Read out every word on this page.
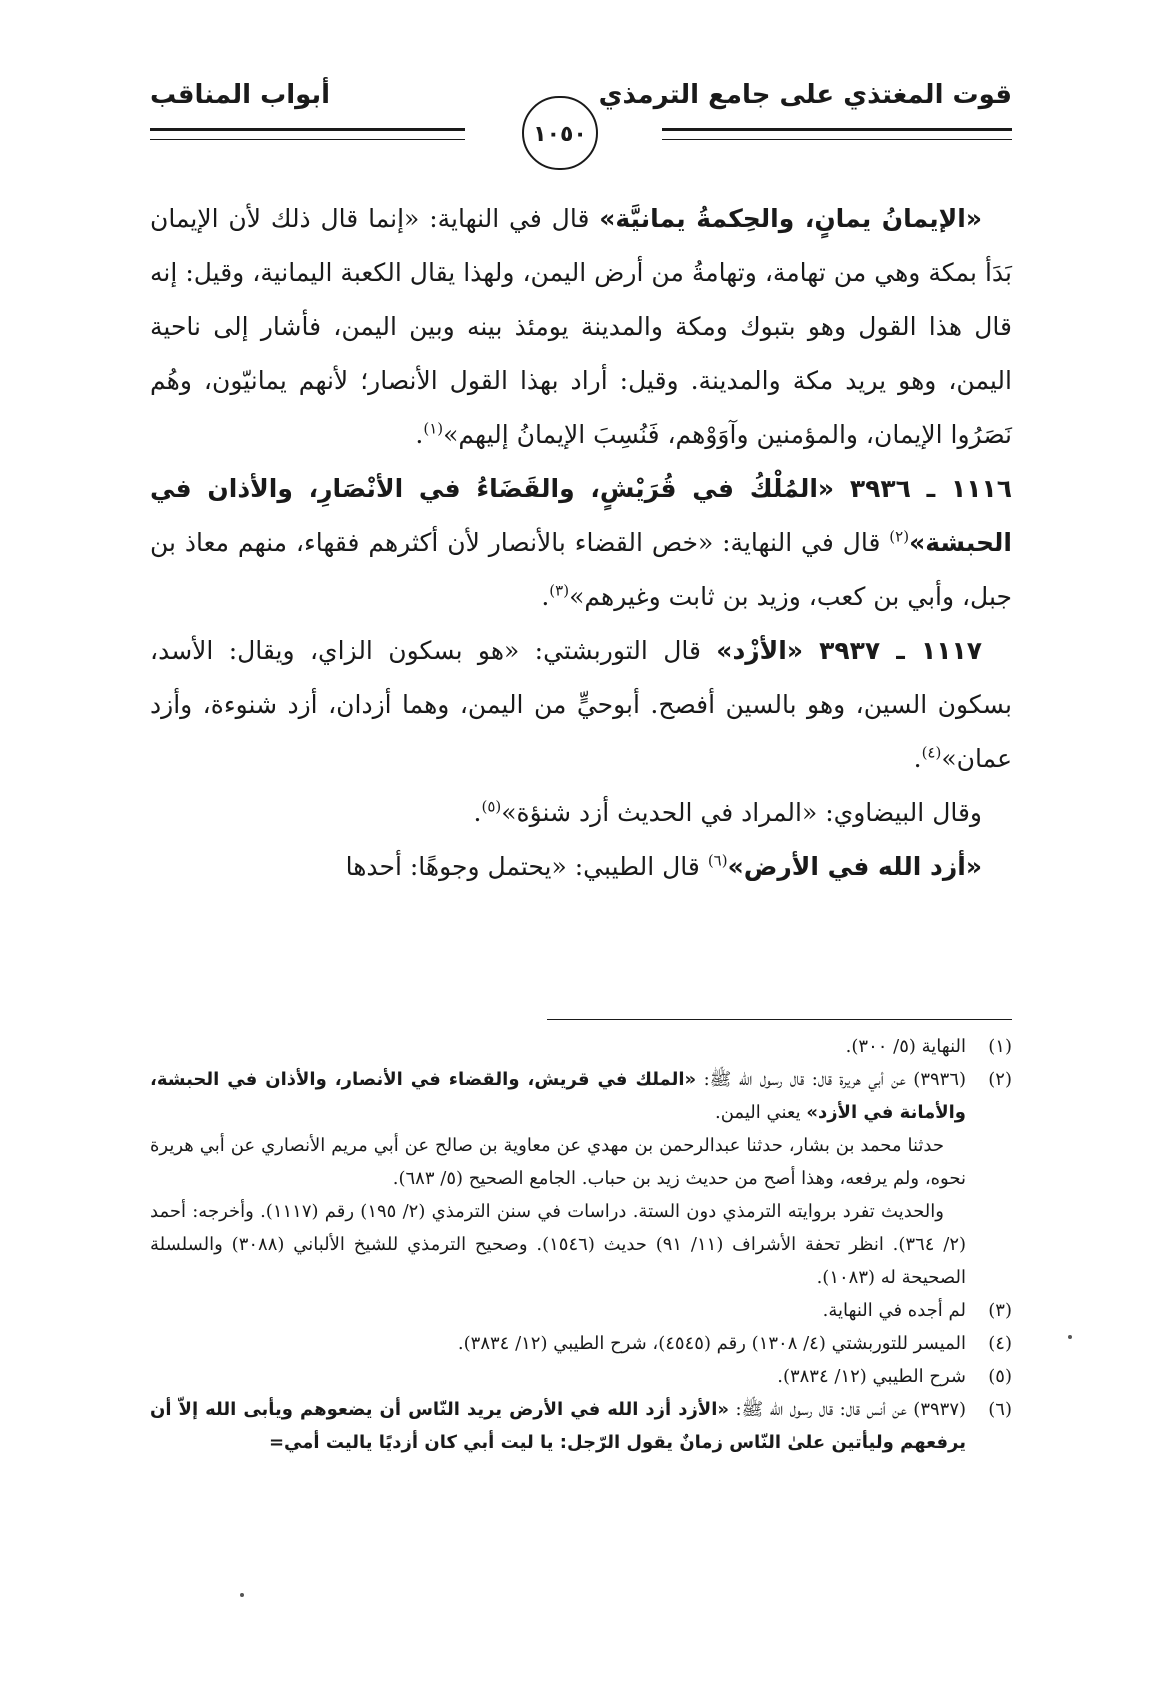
قوت المغتذي على جامع الترمذي
أبواب المناقب
١٠٥٠

«الإيمانُ يمانٍ، والحِكمةُ يمانيَّة» قال في النهاية: «إنما قال ذلك لأن الإيمان بَدَأ بمكة وهي من تهامة، وتهامةُ من أرض اليمن، ولهذا يقال الكعبة اليمانية، وقيل: إنه قال هذا القول وهو بتبوك ومكة والمدينة يومئذ بينه وبين اليمن، فأشار إلى ناحية اليمن، وهو يريد مكة والمدينة. وقيل: أراد بهذا القول الأنصار؛ لأنهم يمانيّون، وهُم نَصَرُوا الإيمان، والمؤمنين وآوَوْهم، فَنُسِبَ الإيمانُ إليهم»$^{(١)}$.

١١١٦ ـ ٣٩٣٦ «المُلْكُ في قُرَيْشٍ، والقَضَاءُ في الأنْصَارِ، والأذان في الحبشة»$^{(٢)}$ قال في النهاية: «خص القضاء بالأنصار لأن أكثرهم فقهاء، منهم معاذ بن جبل، وأبي بن كعب، وزيد بن ثابت وغيرهم»$^{(٣)}$.

١١١٧ ـ ٣٩٣٧ «الأزْد» قال التوربشتي: «هو بسكون الزاي، ويقال: الأسد، بسكون السين، وهو بالسين أفصح. أبوحيٍّ من اليمن، وهما أزدان، أزد شنوءة، وأزد عمان»$^{(٤)}$.

وقال البيضاوي: «المراد في الحديث أزد شنؤة»$^{(٥)}$.

«أزد الله في الأرض»$^{(٦)}$ قال الطيبي: «يحتمل وجوهًا: أحدها

(١)
النهاية (٥/ ٣٠٠).
(٢)
(٣٩٣٦) عن أبي هريرة قال: قال رسول الله ﷺ: «الملك في قريش، والقضاء في الأنصار، والأذان في الحبشة، والأمانة في الأزد» يعني اليمن.

حدثنا محمد بن بشار، حدثنا عبدالرحمن بن مهدي عن معاوية بن صالح عن أبي مريم الأنصاري عن أبي هريرة نحوه، ولم يرفعه، وهذا أصح من حديث زيد بن حباب. الجامع الصحيح (٥/ ٦٨٣).

والحديث تفرد بروايته الترمذي دون الستة. دراسات في سنن الترمذي (٢/ ١٩٥) رقم (١١١٧). وأخرجه: أحمد (٢/ ٣٦٤). انظر تحفة الأشراف (١١/ ٩١) حديث (١٥٤٦). وصحيح الترمذي للشيخ الألباني (٣٠٨٨) والسلسلة الصحيحة له (١٠٨٣).

(٣)
لم أجده في النهاية.
(٤)
الميسر للتوربشتي (٤/ ١٣٠٨) رقم (٤٥٤٥)، شرح الطيبي (١٢/ ٣٨٣٤).
(٥)
شرح الطيبي (١٢/ ٣٨٣٤).
(٦)
(٣٩٣٧) عن أنس قال: قال رسول الله ﷺ: «الأزد أزد الله في الأرض يريد النّاس أن يضعوهم ويأبى الله إلاّ أن يرفعهم وليأتين علىٰ النّاس زمانٌ يقول الرّجل: يا ليت أبي كان أزديًا ياليت أمي=
